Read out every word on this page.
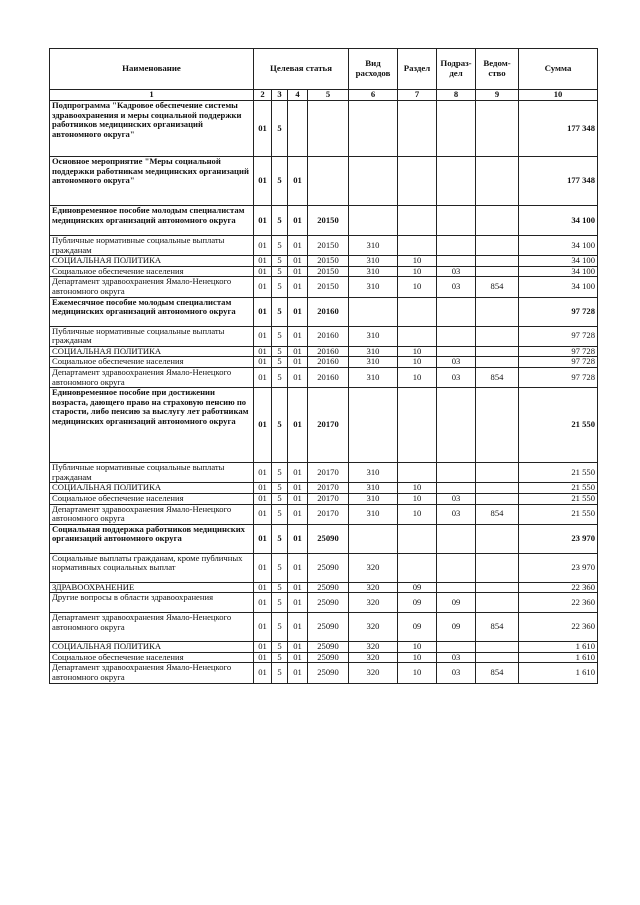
Наименование	Целевая статья				Вид расходов	Раздел	Подраз-дел	Ведом-ство	Сумма
1	2	3	4	5	6	7	8	9	10
Подпрограмма "Кадровое обеспечение системы здравоохранения и меры социальной поддержки работников медицинских организаций автономного округа"	01	5							177 348
Основное мероприятие "Меры социальной поддержки работникам медицинских организаций автономного округа"	01	5	01						177 348
Единовременное пособие молодым специалистам медицинских организаций автономного округа	01	5	01	20150					34 100
Публичные нормативные социальные выплаты гражданам	01	5	01	20150	310				34 100
СОЦИАЛЬНАЯ ПОЛИТИКА	01	5	01	20150	310	10			34 100
Социальное обеспечение населения	01	5	01	20150	310	10	03		34 100
Департамент здравоохранения Ямало-Ненецкого автономного округа	01	5	01	20150	310	10	03	854	34 100
Ежемесячное пособие молодым специалистам медицинских организаций автономного округа	01	5	01	20160					97 728
Публичные нормативные социальные выплаты гражданам	01	5	01	20160	310				97 728
СОЦИАЛЬНАЯ ПОЛИТИКА	01	5	01	20160	310	10			97 728
Социальное обеспечение населения	01	5	01	20160	310	10	03		97 728
Департамент здравоохранения Ямало-Ненецкого автономного округа	01	5	01	20160	310	10	03	854	97 728
Единовременное пособие при достижении возраста, дающего право на страховую пенсию по старости, либо пенсию за выслугу лет работникам медицинских организаций автономного округа	01	5	01	20170					21 550
Публичные нормативные социальные выплаты гражданам	01	5	01	20170	310				21 550
СОЦИАЛЬНАЯ ПОЛИТИКА	01	5	01	20170	310	10			21 550
Социальное обеспечение населения	01	5	01	20170	310	10	03		21 550
Департамент здравоохранения Ямало-Ненецкого автономного округа	01	5	01	20170	310	10	03	854	21 550
Социальная поддержка работников медицинских организаций автономного округа	01	5	01	25090					23 970
Социальные выплаты гражданам, кроме публичных нормативных социальных выплат	01	5	01	25090	320				23 970
ЗДРАВООХРАНЕНИЕ	01	5	01	25090	320	09			22 360
Другие вопросы в области здравоохранения	01	5	01	25090	320	09	09		22 360
Департамент здравоохранения Ямало-Ненецкого автономного округа	01	5	01	25090	320	09	09	854	22 360
СОЦИАЛЬНАЯ ПОЛИТИКА	01	5	01	25090	320	10			1 610
Социальное обеспечение населения	01	5	01	25090	320	10	03		1 610
Департамент здравоохранения Ямало-Ненецкого автономного округа	01	5	01	25090	320	10	03	854	1 610
